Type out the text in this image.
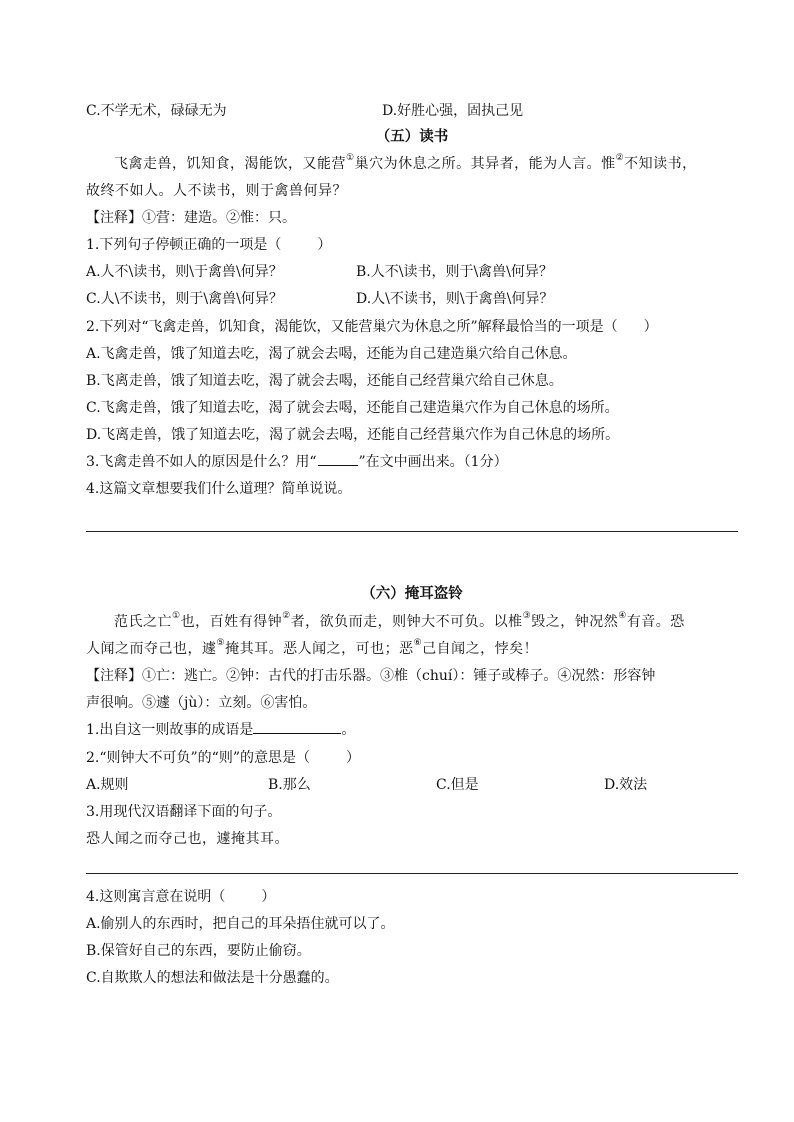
C.不学无术，碌碌无为	D.好胜心强，固执己见
（五）读书
飞禽走兽，饥知食，渴能饮，又能营①巢穴为休息之所。其异者，能为人言。惟②不知读书，
故终不如人。人不读书，则于禽兽何异？
【注释】①营：建造。②惟：只。
1.下列句子停顿正确的一项是（	）
A.人不\读书，则\于禽兽\何异？	B.人不\读书，则于\禽兽\何异？
C.人\不读书，则于\禽兽\何异？	D.人\不读书，则\于禽兽\何异？
2.下列对“飞禽走兽，饥知食，渴能饮，又能营巢穴为休息之所”解释最恰当的一项是（ ）
A.飞禽走兽，饿了知道去吃，渴了就会去喝，还能为自己建造巢穴给自己休息。
B.飞离走兽，饿了知道去吃，渴了就会去喝，还能自己经营巢穴给自己休息。
C.飞禽走兽，饿了知道去吃，渴了就会去喝，还能自己建造巢穴作为自己休息的场所。
D.飞离走兽，饿了知道去吃，渴了就会去喝，还能自己经营巢穴作为自己休息的场所。
3.飞禽走兽不如人的原因是什么？用“	”在文中画出来。（1分）
4.这篇文章想要我们什么道理？简单说说。
（六）掩耳盗铃
范氏之亡①也，百姓有得钟②者，欲负而走，则钟大不可负。以椎③毁之，钟况然④有音。恐
人闻之而夺己也，遽⑤掩其耳。恶人闻之，可也；恶⑥己自闻之，悖矣！
【注释】①亡：逃亡。②钟：古代的打击乐器。③椎（chuí）：锤子或棒子。④况然：形容钟
声很响。⑤遽（jù）：立刻。⑥害怕。
1.出自这一则故事的成语是	。
2.“则钟大不可负”的“则”的意思是（	）
A.规则	B.那么	C.但是	D.效法
3.用现代汉语翻译下面的句子。
恐人闻之而夺己也，遽掩其耳。
4.这则寓言意在说明（	）
A.偷别人的东西时，把自己的耳朵捂住就可以了。
B.保管好自己的东西，要防止偷窃。
C.自欺欺人的想法和做法是十分愚蠢的。
